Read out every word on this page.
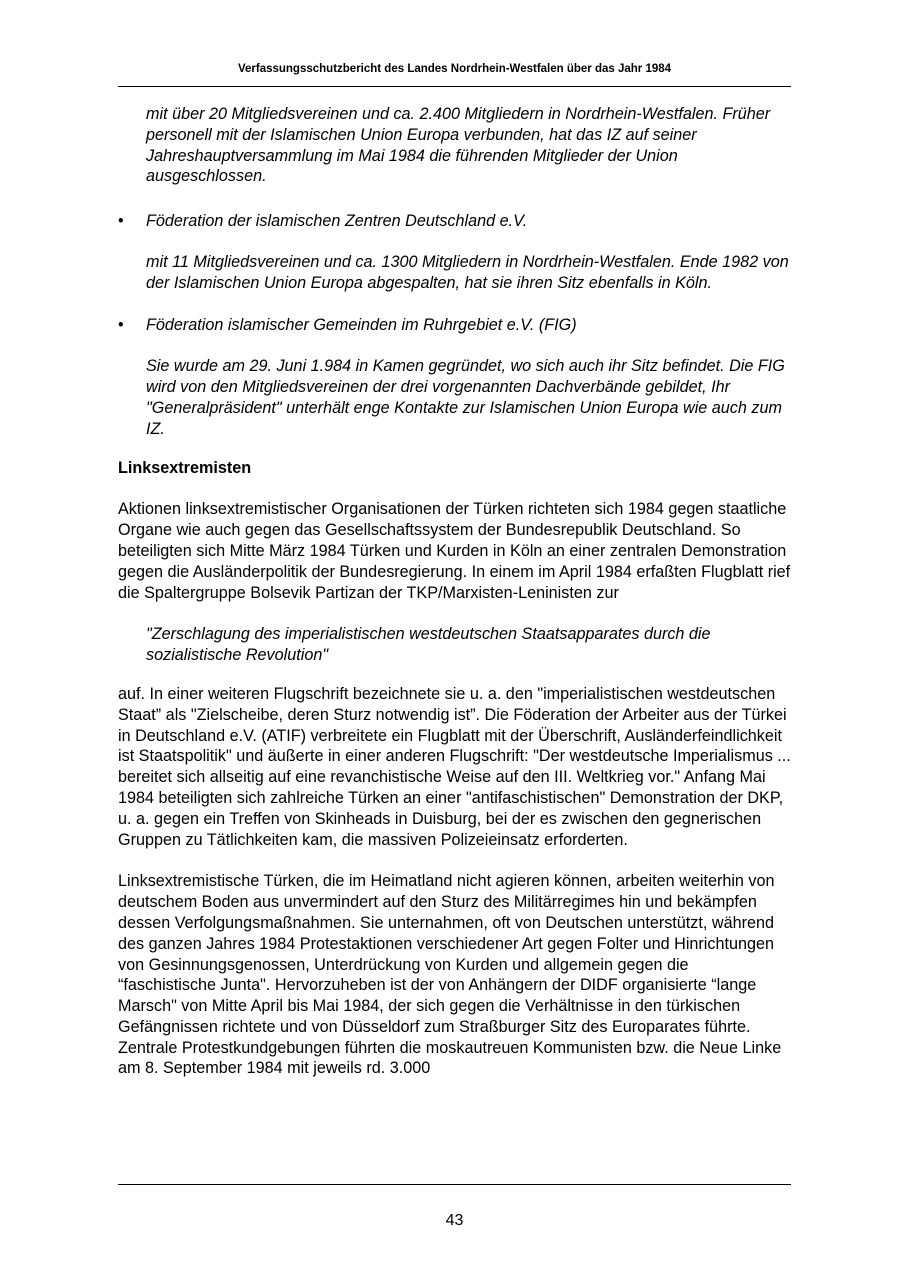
Verfassungsschutzbericht des Landes Nordrhein-Westfalen über das Jahr 1984

mit über 20 Mitgliedsvereinen und ca. 2.400 Mitgliedern in Nordrhein-Westfalen. Früher personell mit der Islamischen Union Europa verbunden, hat das IZ auf seiner Jahreshauptversammlung im Mai 1984 die führenden Mitglieder der Union ausgeschlossen.

• Föderation der islamischen Zentren Deutschland e.V.

mit 11 Mitgliedsvereinen und ca. 1300 Mitgliedern in Nordrhein-Westfalen. Ende 1982 von der Islamischen Union Europa abgespalten, hat sie ihren Sitz ebenfalls in Köln.

• Föderation islamischer Gemeinden im Ruhrgebiet e.V. (FIG)

Sie wurde am 29. Juni 1.984 in Kamen gegründet, wo sich auch ihr Sitz befindet. Die FIG wird von den Mitgliedsvereinen der drei vorgenannten Dachverbände gebildet, Ihr "Generalpräsident" unterhält enge Kontakte zur Islamischen Union Europa wie auch zum IZ.

Linksextremisten

Aktionen linksextremistischer Organisationen der Türken richteten sich 1984 gegen staatliche Organe wie auch gegen das Gesellschaftssystem der Bundesrepublik Deutschland. So beteiligten sich Mitte März 1984 Türken und Kurden in Köln an einer zentralen Demonstration gegen die Ausländerpolitik der Bundesregierung. In einem im April 1984 erfaßten Flugblatt rief die Spaltergruppe Bolsevik Partizan der TKP/Marxisten-Leninisten zur

"Zerschlagung des imperialistischen westdeutschen Staatsapparates durch die sozialistische Revolution"

auf. In einer weiteren Flugschrift bezeichnete sie u. a. den "imperialistischen westdeutschen Staat” als "Zielscheibe, deren Sturz notwendig ist”. Die Föderation der Arbeiter aus der Türkei in Deutschland e.V. (ATIF) verbreitete ein Flugblatt mit der Überschrift, Ausländerfeindlichkeit ist Staatspolitik" und äußerte in einer anderen Flugschrift: "Der westdeutsche Imperialismus ... bereitet sich allseitig auf eine revanchistische Weise auf den III. Weltkrieg vor." Anfang Mai 1984 beteiligten sich zahlreiche Türken an einer "antifaschistischen" Demonstration der DKP, u. a. gegen ein Treffen von Skinheads in Duisburg, bei der es zwischen den gegnerischen Gruppen zu Tätlichkeiten kam, die massiven Polizeieinsatz erforderten.

Linksextremistische Türken, die im Heimatland nicht agieren können, arbeiten weiterhin von deutschem Boden aus unvermindert auf den Sturz des Militärregimes hin und bekämpfen dessen Verfolgungsmaßnahmen. Sie unternahmen, oft von Deutschen unterstützt, während des ganzen Jahres 1984 Protestaktionen verschiedener Art gegen Folter und Hinrichtungen von Gesinnungsgenossen, Unterdrückung von Kurden und allgemein gegen die “faschistische Junta". Hervorzuheben ist der von Anhängern der DIDF organisierte “lange Marsch" von Mitte April bis Mai 1984, der sich gegen die Verhältnisse in den türkischen Gefängnissen richtete und von Düsseldorf zum Straßburger Sitz des Europarates führte. Zentrale Protestkundgebungen führten die moskautreuen Kommunisten bzw. die Neue Linke am 8. September 1984 mit jeweils rd. 3.000

43
